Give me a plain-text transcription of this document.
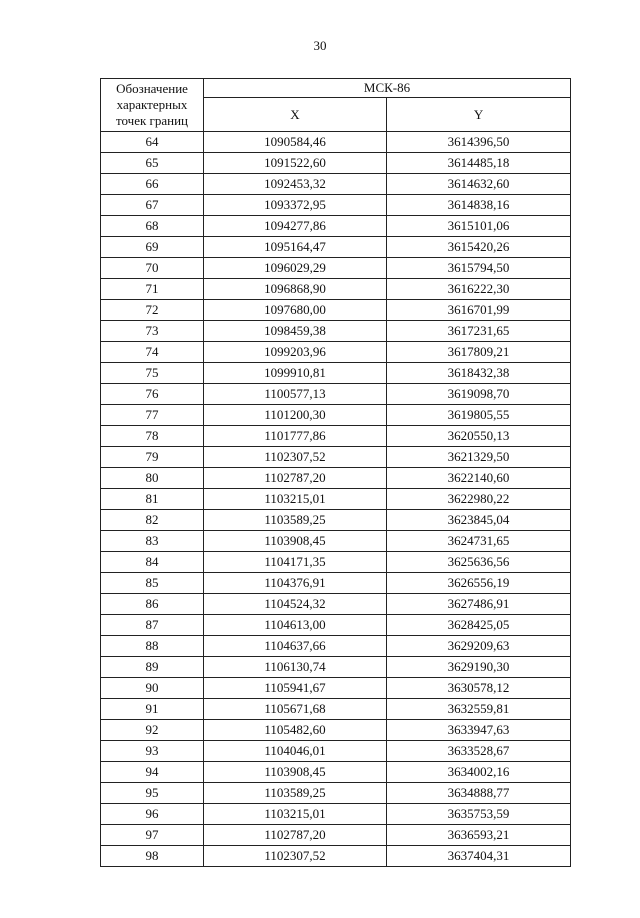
30
Обозначение
характерных
точек границ	МСК-86	
	X	Y
64	1090584,46	3614396,50
65	1091522,60	3614485,18
66	1092453,32	3614632,60
67	1093372,95	3614838,16
68	1094277,86	3615101,06
69	1095164,47	3615420,26
70	1096029,29	3615794,50
71	1096868,90	3616222,30
72	1097680,00	3616701,99
73	1098459,38	3617231,65
74	1099203,96	3617809,21
75	1099910,81	3618432,38
76	1100577,13	3619098,70
77	1101200,30	3619805,55
78	1101777,86	3620550,13
79	1102307,52	3621329,50
80	1102787,20	3622140,60
81	1103215,01	3622980,22
82	1103589,25	3623845,04
83	1103908,45	3624731,65
84	1104171,35	3625636,56
85	1104376,91	3626556,19
86	1104524,32	3627486,91
87	1104613,00	3628425,05
88	1104637,66	3629209,63
89	1106130,74	3629190,30
90	1105941,67	3630578,12
91	1105671,68	3632559,81
92	1105482,60	3633947,63
93	1104046,01	3633528,67
94	1103908,45	3634002,16
95	1103589,25	3634888,77
96	1103215,01	3635753,59
97	1102787,20	3636593,21
98	1102307,52	3637404,31
